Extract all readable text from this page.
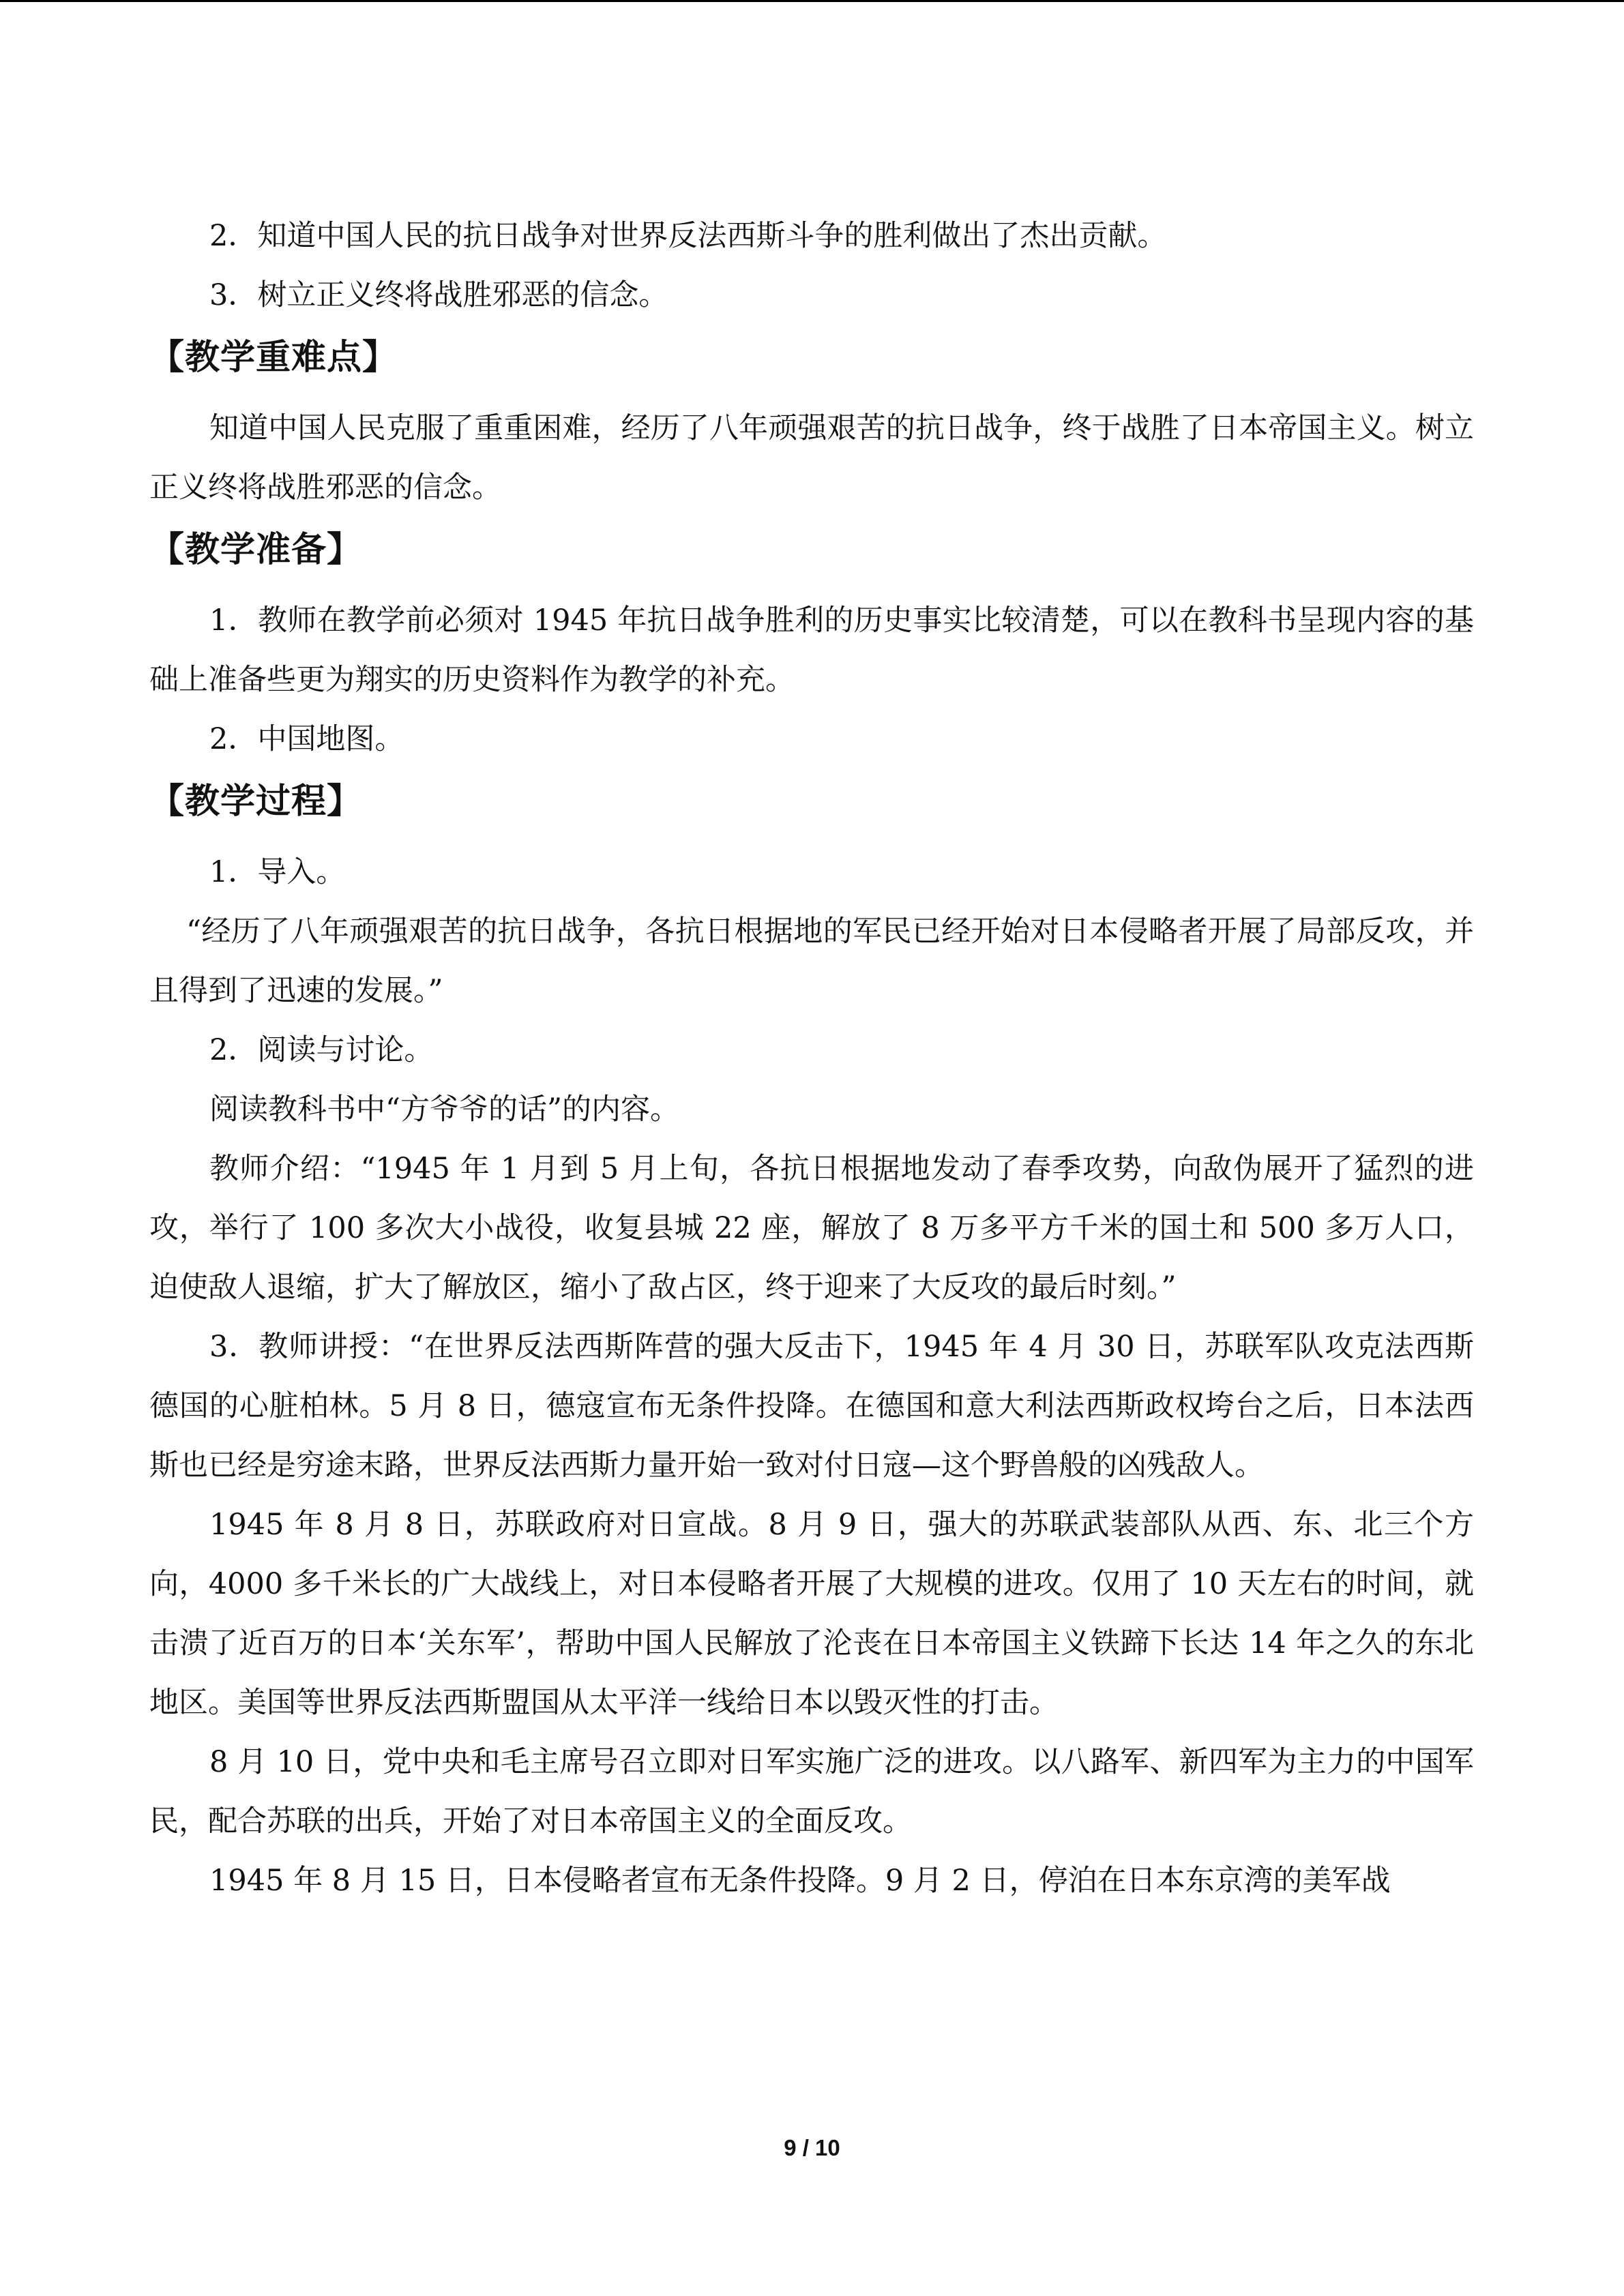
2．知道中国人民的抗日战争对世界反法西斯斗争的胜利做出了杰出贡献。

3．树立正义终将战胜邪恶的信念。

【教学重难点】

知道中国人民克服了重重困难，经历了八年顽强艰苦的抗日战争，终于战胜了日本帝国主义。树立正义终将战胜邪恶的信念。

【教学准备】

1．教师在教学前必须对 1945 年抗日战争胜利的历史事实比较清楚，可以在教科书呈现内容的基础上准备些更为翔实的历史资料作为教学的补充。

2．中国地图。

【教学过程】

1．导入。

“经历了八年顽强艰苦的抗日战争，各抗日根据地的军民已经开始对日本侵略者开展了局部反攻，并且得到了迅速的发展。”

2．阅读与讨论。

阅读教科书中“方爷爷的话”的内容。

教师介绍：“1945 年 1 月到 5 月上旬，各抗日根据地发动了春季攻势，向敌伪展开了猛烈的进攻，举行了 100 多次大小战役，收复县城 22 座，解放了 8 万多平方千米的国土和 500 多万人口，迫使敌人退缩，扩大了解放区，缩小了敌占区，终于迎来了大反攻的最后时刻。”

3．教师讲授：“在世界反法西斯阵营的强大反击下，1945 年 4 月 30 日，苏联军队攻克法西斯德国的心脏柏林。5 月 8 日，德寇宣布无条件投降。在德国和意大利法西斯政权垮台之后，日本法西斯也已经是穷途末路，世界反法西斯力量开始一致对付日寇—这个野兽般的凶残敌人。

1945 年 8 月 8 日，苏联政府对日宣战。8 月 9 日，强大的苏联武装部队从西、东、北三个方向，4000 多千米长的广大战线上，对日本侵略者开展了大规模的进攻。仅用了 10 天左右的时间，就击溃了近百万的日本‘关东军’，帮助中国人民解放了沦丧在日本帝国主义铁蹄下长达 14 年之久的东北地区。美国等世界反法西斯盟国从太平洋一线给日本以毁灭性的打击。

8 月 10 日，党中央和毛主席号召立即对日军实施广泛的进攻。以八路军、新四军为主力的中国军民，配合苏联的出兵，开始了对日本帝国主义的全面反攻。

1945 年 8 月 15 日，日本侵略者宣布无条件投降。9 月 2 日，停泊在日本东京湾的美军战

9 / 10
